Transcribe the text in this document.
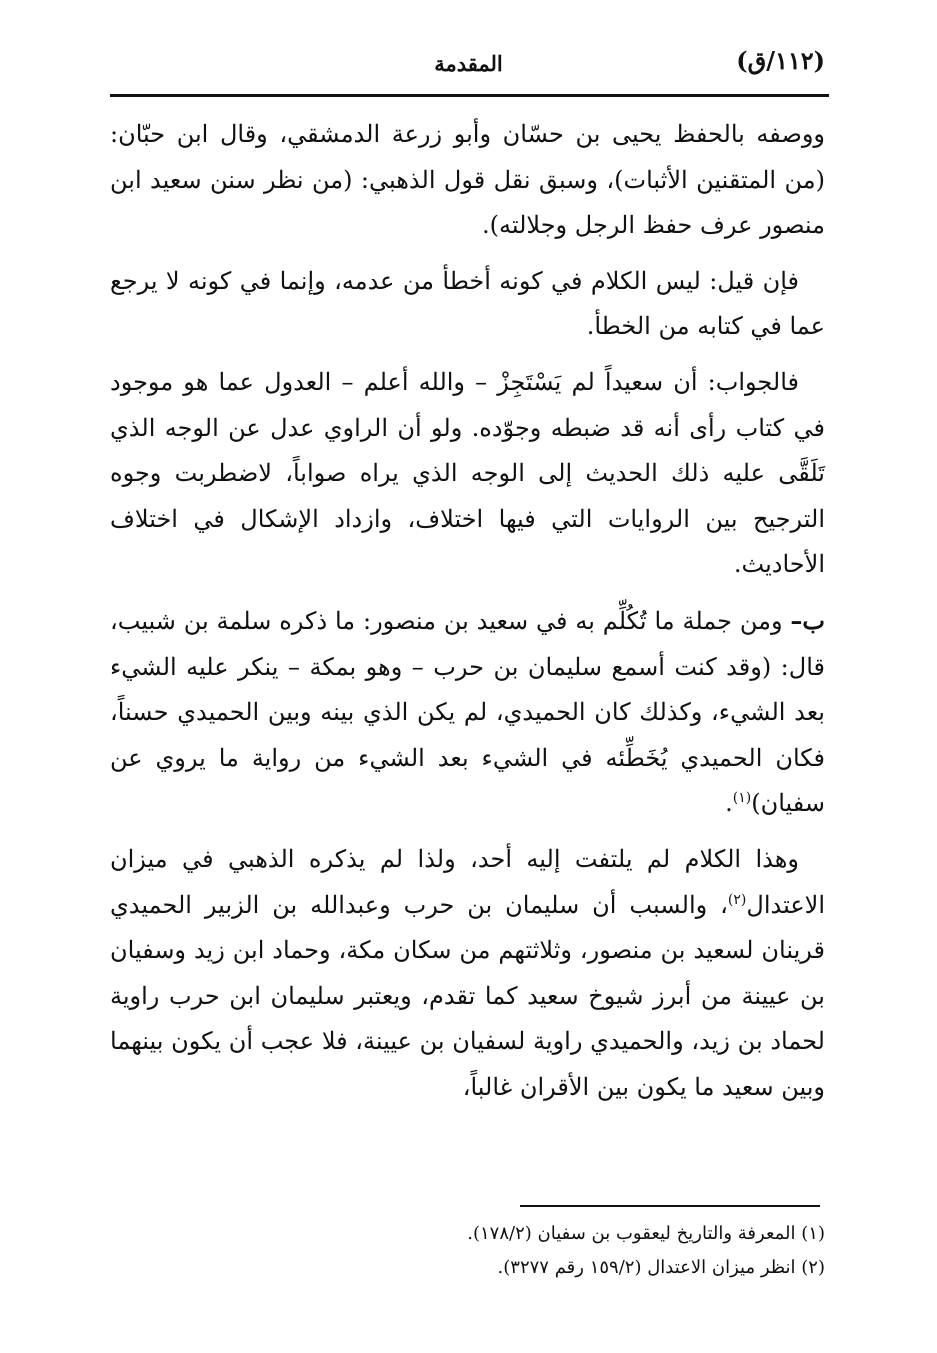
(١١٢/ق)
المقدمة

ووصفه بالحفظ يحيى بن حسّان وأبو زرعة الدمشقي، وقال ابن حبّان: (من المتقنين الأثبات)، وسبق نقل قول الذهبي: (من نظر سنن سعيد ابن منصور عرف حفظ الرجل وجلالته).

فإن قيل: ليس الكلام في كونه أخطأ من عدمه، وإنما في كونه لا يرجع عما في كتابه من الخطأ.

فالجواب: أن سعيداً لم يَسْتَجِزْ – والله أعلم – العدول عما هو موجود في كتاب رأى أنه قد ضبطه وجوّده. ولو أن الراوي عدل عن الوجه الذي تَلَقَّى عليه ذلك الحديث إلى الوجه الذي يراه صواباً، لاضطربت وجوه الترجيح بين الروايات التي فيها اختلاف، وازداد الإشكال في اختلاف الأحاديث.

ب– ومن جملة ما تُكُلِّم به في سعيد بن منصور: ما ذكره سلمة بن شبيب، قال: (وقد كنت أسمع سليمان بن حرب – وهو بمكة – ينكر عليه الشيء بعد الشيء، وكذلك كان الحميدي، لم يكن الذي بينه وبين الحميدي حسناً، فكان الحميدي يُخَطِّئه في الشيء بعد الشيء من رواية ما يروي عن سفيان)$^{(١)}$.

وهذا الكلام لم يلتفت إليه أحد، ولذا لم يذكره الذهبي في ميزان الاعتدال$^{(٢)}$، والسبب أن سليمان بن حرب وعبدالله بن الزبير الحميدي قرينان لسعيد بن منصور، وثلاثتهم من سكان مكة، وحماد ابن زيد وسفيان بن عيينة من أبرز شيوخ سعيد كما تقدم، ويعتبر سليمان ابن حرب راوية لحماد بن زيد، والحميدي راوية لسفيان بن عيينة، فلا عجب أن يكون بينهما وبين سعيد ما يكون بين الأقران غالباً،

(١) المعرفة والتاريخ ليعقوب بن سفيان (١٧٨/٢).

(٢) انظر ميزان الاعتدال (١٥٩/٢ رقم ٣٢٧٧).
